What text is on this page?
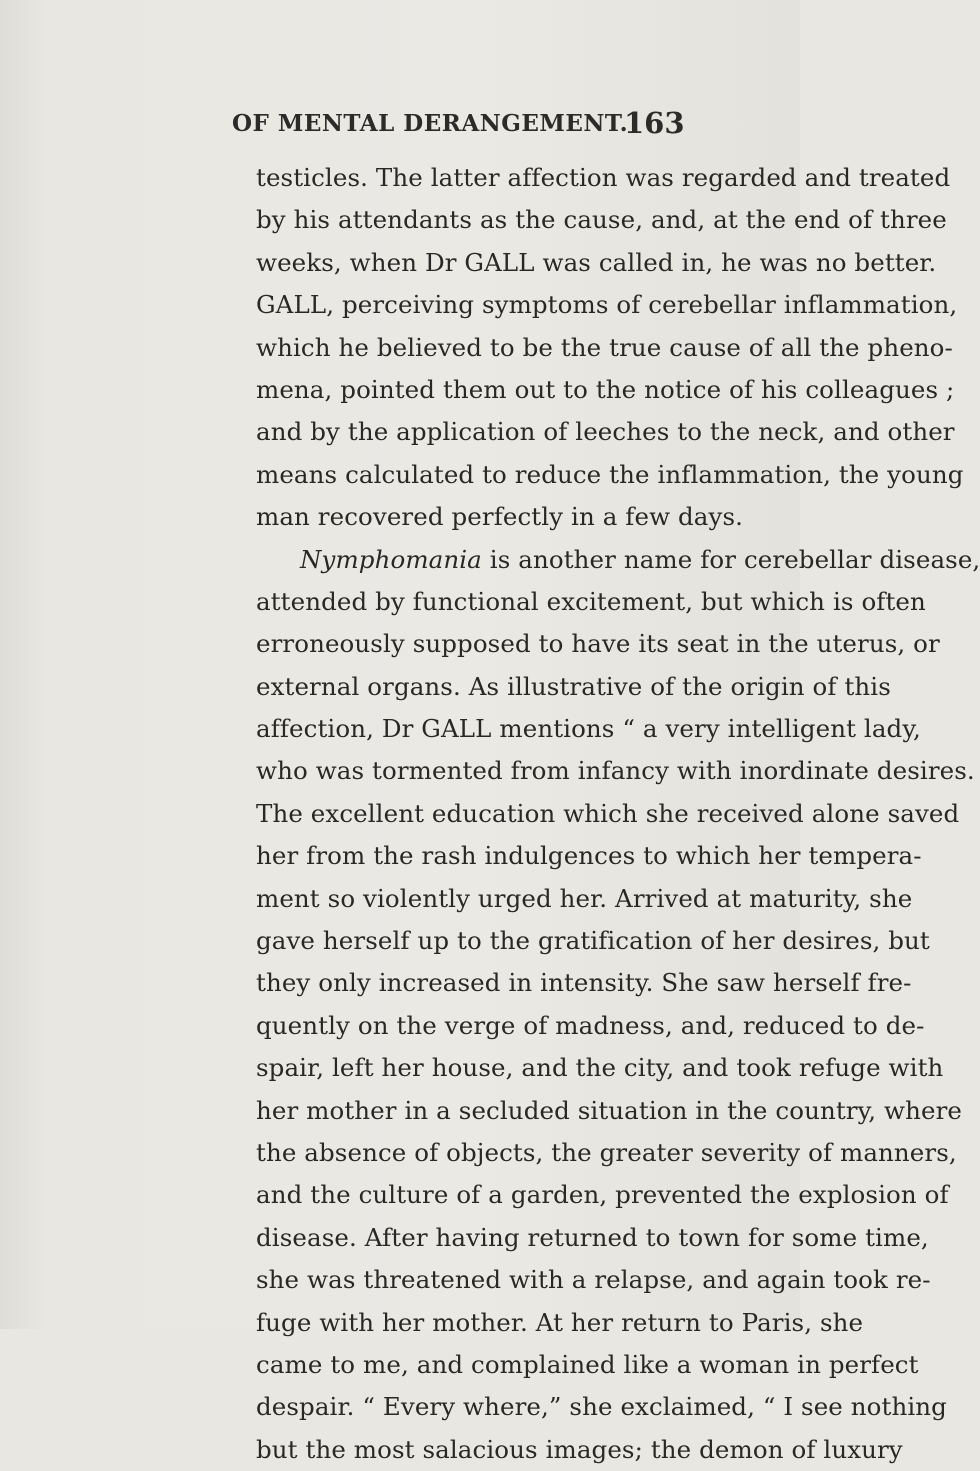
OF MENTAL DERANGEMENT.
163
testicles. The latter affection was regarded and treated
by his attendants as the cause, and, at the end of three
weeks, when Dr GALL was called in, he was no better.
GALL, perceiving symptoms of cerebellar inflammation,
which he believed to be the true cause of all the pheno-
mena, pointed them out to the notice of his colleagues ;
and by the application of leeches to the neck, and other
means calculated to reduce the inflammation, the young
man recovered perfectly in a few days.
Nymphomania is another name for cerebellar disease,
attended by functional excitement, but which is often
erroneously supposed to have its seat in the uterus, or
external organs. As illustrative of the origin of this
affection, Dr GALL mentions “ a very intelligent lady,
who was tormented from infancy with inordinate desires.
The excellent education which she received alone saved
her from the rash indulgences to which her tempera-
ment so violently urged her. Arrived at maturity, she
gave herself up to the gratification of her desires, but
they only increased in intensity. She saw herself fre-
quently on the verge of madness, and, reduced to de-
spair, left her house, and the city, and took refuge with
her mother in a secluded situation in the country, where
the absence of objects, the greater severity of manners,
and the culture of a garden, prevented the explosion of
disease. After having returned to town for some time,
she was threatened with a relapse, and again took re-
fuge with her mother. At her return to Paris, she
came to me, and complained like a woman in perfect
despair. “ Every where,” she exclaimed, “ I see nothing
but the most salacious images; the demon of luxury
